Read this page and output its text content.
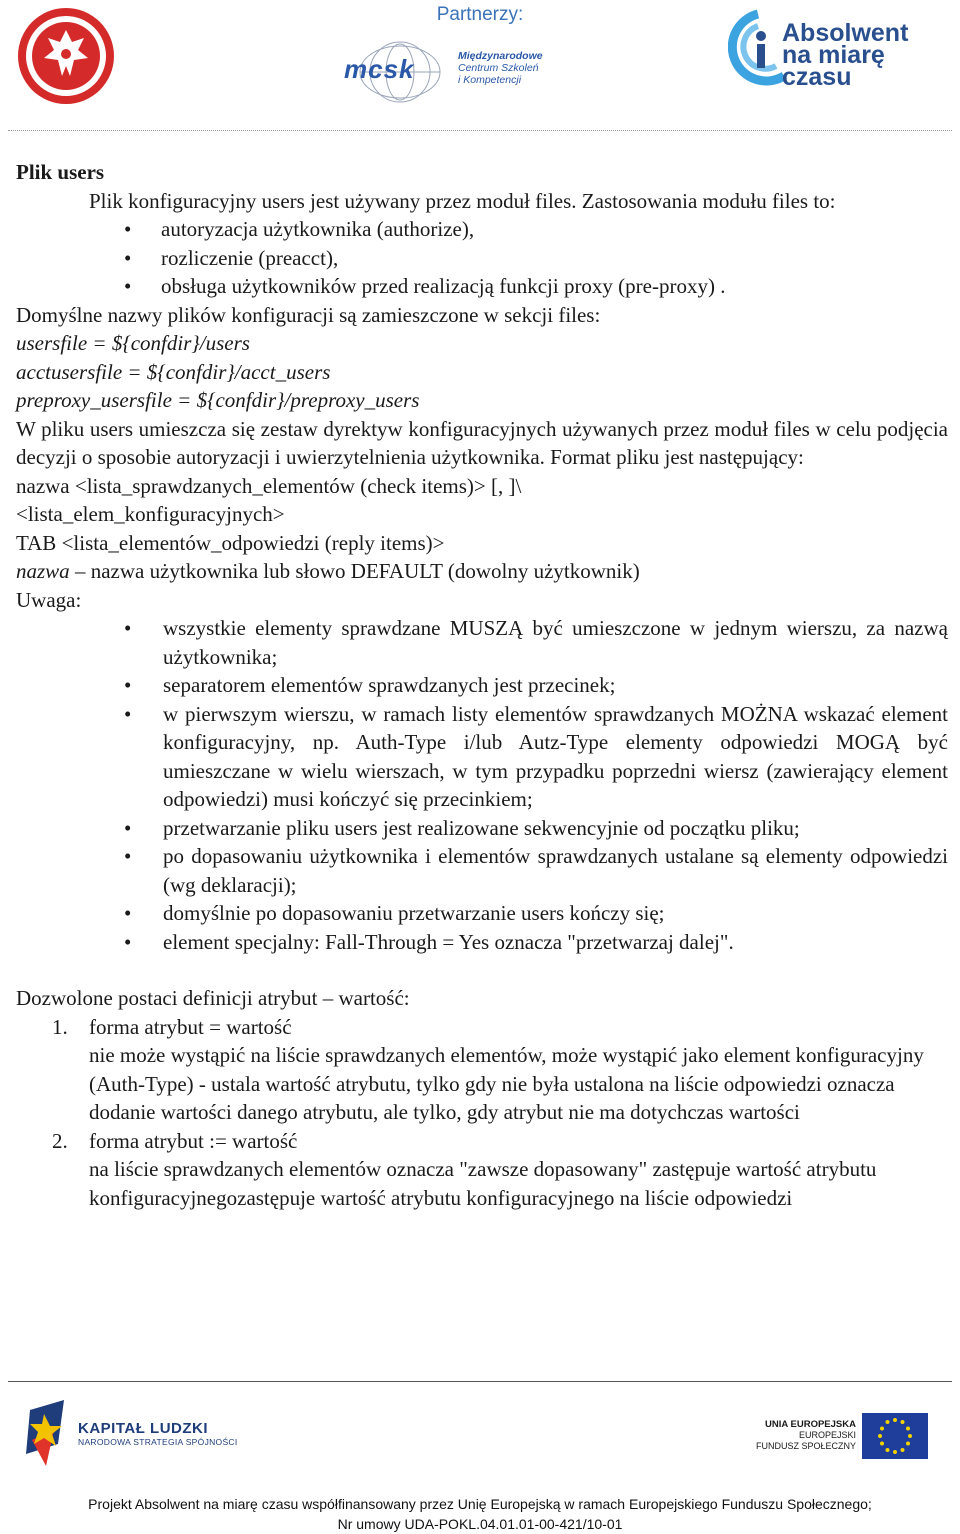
Partnerzy:
mcsk	Międzynarodowe
Centrum Szkoleń
i Kompetencji
Absolwent
na miarę
czasu

Plik users

Plik konfiguracyjny users jest używany przez moduł files. Zastosowania modułu files to:

• autoryzacja użytkownika (authorize),
• rozliczenie (preacct),
• obsługa użytkowników przed realizacją funkcji proxy (pre-proxy) .

Domyślne nazwy plików konfiguracji są zamieszczone w sekcji files:

usersfile = ${confdir}/users

acctusersfile = ${confdir}/acct_users

preproxy_usersfile = ${confdir}/preproxy_users

W pliku users umieszcza się zestaw dyrektyw konfiguracyjnych używanych przez moduł files w celu podjęcia decyzji o sposobie autoryzacji i uwierzytelnienia użytkownika. Format pliku jest następujący:

nazwa <lista_sprawdzanych_elementów (check items)> [, ]\

<lista_elem_konfiguracyjnych>

TAB <lista_elementów_odpowiedzi (reply items)>

nazwa – nazwa użytkownika lub słowo DEFAULT (dowolny użytkownik)

Uwaga:

• wszystkie elementy sprawdzane MUSZĄ być umieszczone w jednym wierszu, za nazwą użytkownika;
• separatorem elementów sprawdzanych jest przecinek;
• w pierwszym wierszu, w ramach listy elementów sprawdzanych MOŻNA wskazać element konfiguracyjny, np. Auth-Type i/lub Autz-Type elementy odpowiedzi MOGĄ być umieszczane w wielu wierszach, w tym przypadku poprzedni wiersz (zawierający element odpowiedzi) musi kończyć się przecinkiem;
• przetwarzanie pliku users jest realizowane sekwencyjnie od początku pliku;
• po dopasowaniu użytkownika i elementów sprawdzanych ustalane są elementy odpowiedzi (wg deklaracji);
• domyślnie po dopasowaniu przetwarzanie users kończy się;
• element specjalny: Fall-Through = Yes oznacza "przetwarzaj dalej".

Dozwolone postaci definicji atrybut – wartość:

1. forma atrybut = wartość
nie może wystąpić na liście sprawdzanych elementów, może wystąpić jako element konfiguracyjny (Auth-Type) - ustala wartość atrybutu, tylko gdy nie była ustalona na liście odpowiedzi oznacza dodanie wartości danego atrybutu, ale tylko, gdy atrybut nie ma dotychczas wartości
2. forma atrybut := wartość
na liście sprawdzanych elementów oznacza "zawsze dopasowany" zastępuje wartość atrybutu konfiguracyjnegozastępuje wartość atrybutu konfiguracyjnego na liście odpowiedzi
KAPITAŁ LUDZKI
NARODOWA STRATEGIA SPÓJNOŚCI
UNIA EUROPEJSKA
EUROPEJSKI
FUNDUSZ SPOŁECZNY
Projekt Absolwent na miarę czasu współfinansowany przez Unię Europejską w ramach Europejskiego Funduszu Społecznego;
Nr umowy UDA-POKL.04.01.01-00-421/10-01
